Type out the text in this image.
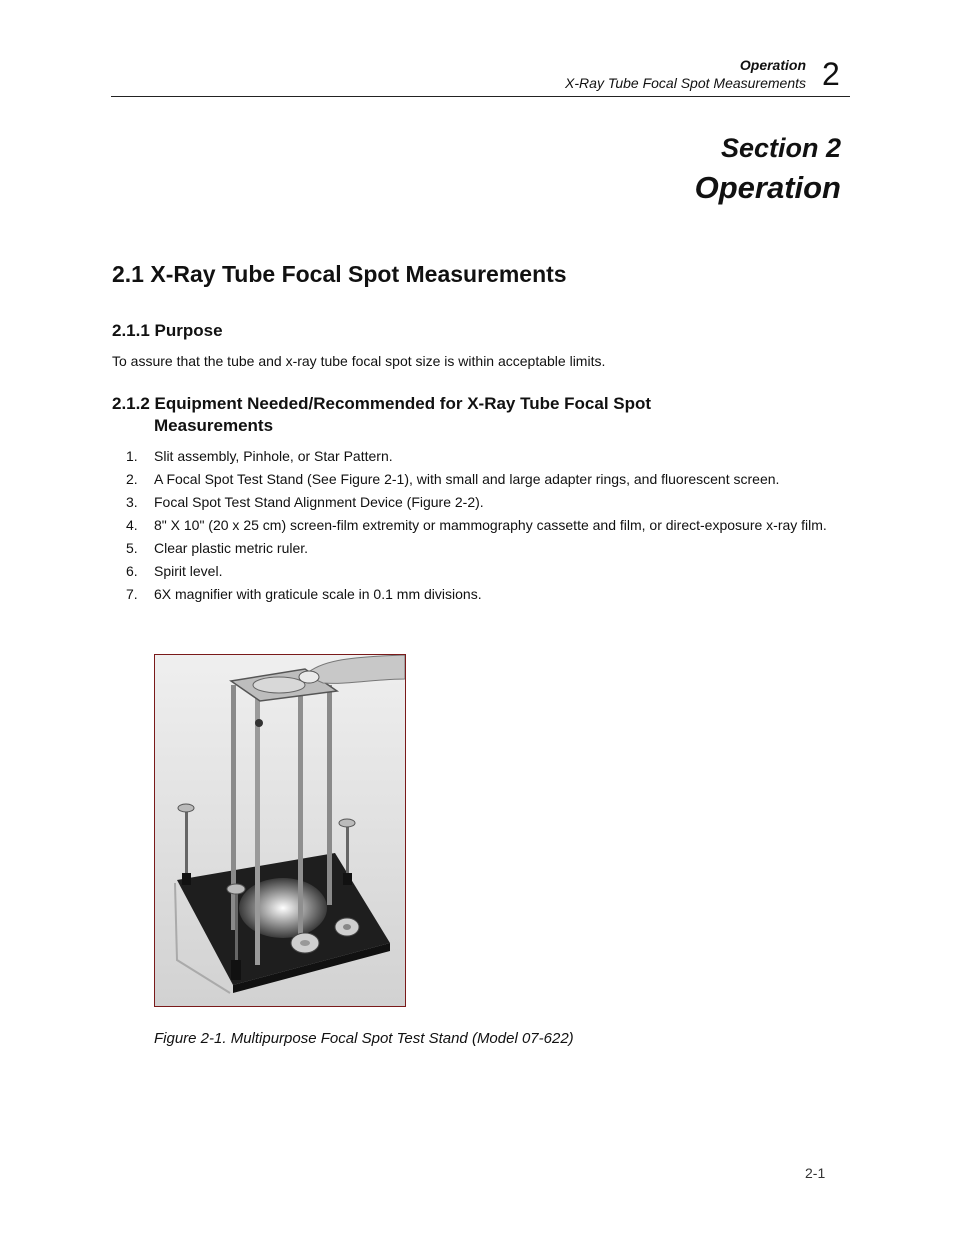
Operation
X-Ray Tube Focal Spot Measurements 2
Section 2
Operation
2.1 X-Ray Tube Focal Spot Measurements
2.1.1 Purpose

To assure that the tube and x-ray tube focal spot size is within acceptable limits.

2.1.2 Equipment Needed/Recommended for X-Ray Tube Focal Spot
Measurements
1. Slit assembly, Pinhole, or Star Pattern.
2. A Focal Spot Test Stand (See Figure 2-1), with small and large adapter rings, and fluorescent screen.
3. Focal Spot Test Stand Alignment Device (Figure 2-2).
4. 8" X 10" (20 x 25 cm) screen-film extremity or mammography cassette and film, or direct-exposure x-ray film.
5. Clear plastic metric ruler.
6. Spirit level.
7. 6X magnifier with graticule scale in 0.1 mm divisions.

Figure 2-1. Multipurpose Focal Spot Test Stand (Model 07-622)

2-1
